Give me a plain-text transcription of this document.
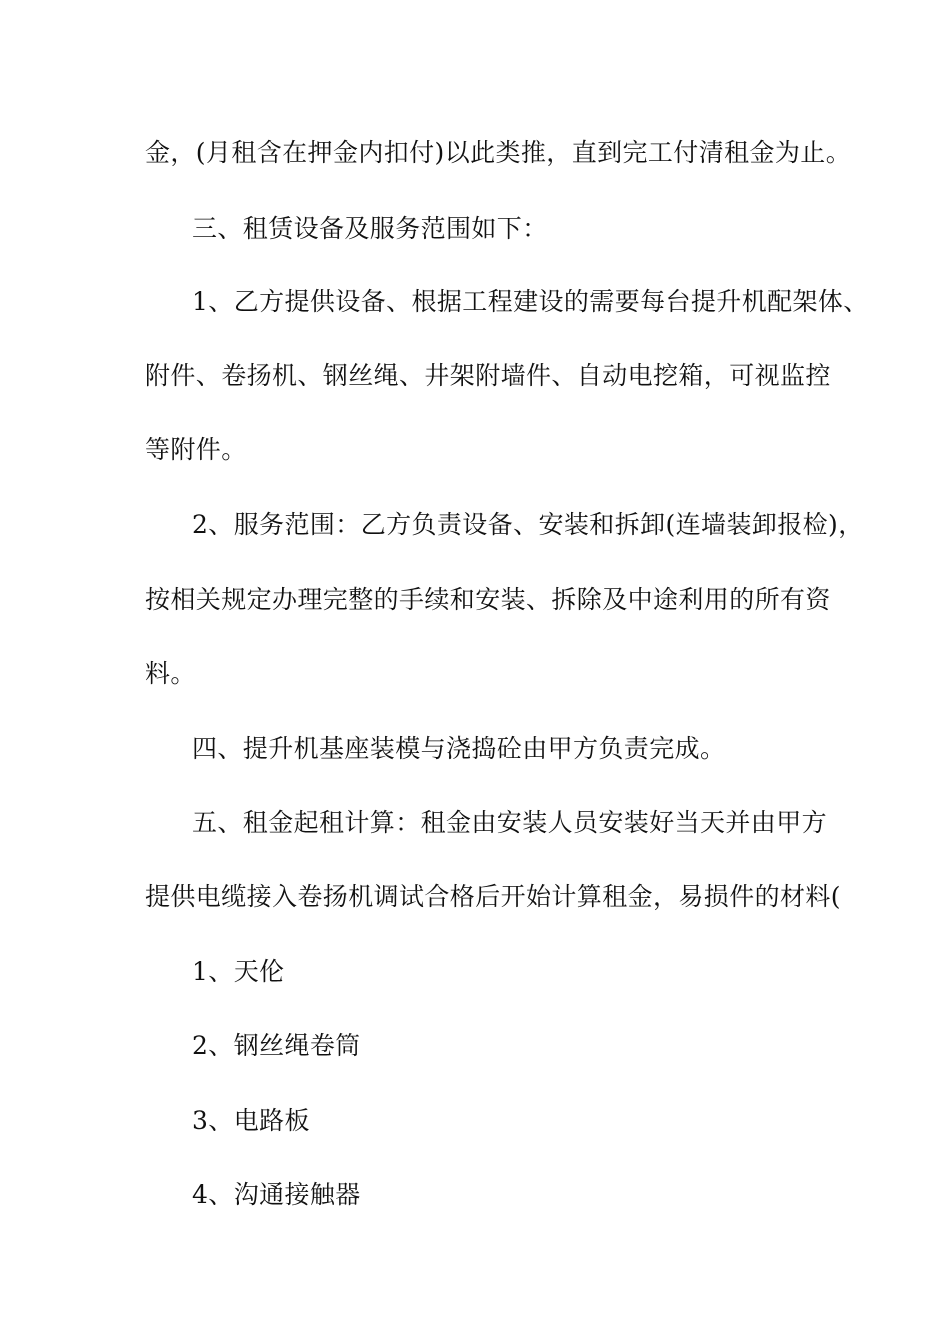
金，(月租含在押金内扣付)以此类推，直到完工付清租金为止。
三、租赁设备及服务范围如下：
1、乙方提供设备、根据工程建设的需要每台提升机配架体、
附件、卷扬机、钢丝绳、井架附墙件、自动电挖箱，可视监控
等附件。
2、服务范围：乙方负责设备、安装和拆卸(连墙装卸报检)，
按相关规定办理完整的手续和安装、拆除及中途利用的所有资
料。
四、提升机基座装模与浇捣砼由甲方负责完成。
五、租金起租计算：租金由安装人员安装好当天并由甲方
提供电缆接入卷扬机调试合格后开始计算租金，易损件的材料(
1、天伦
2、钢丝绳卷筒
3、电路板
4、沟通接触器
